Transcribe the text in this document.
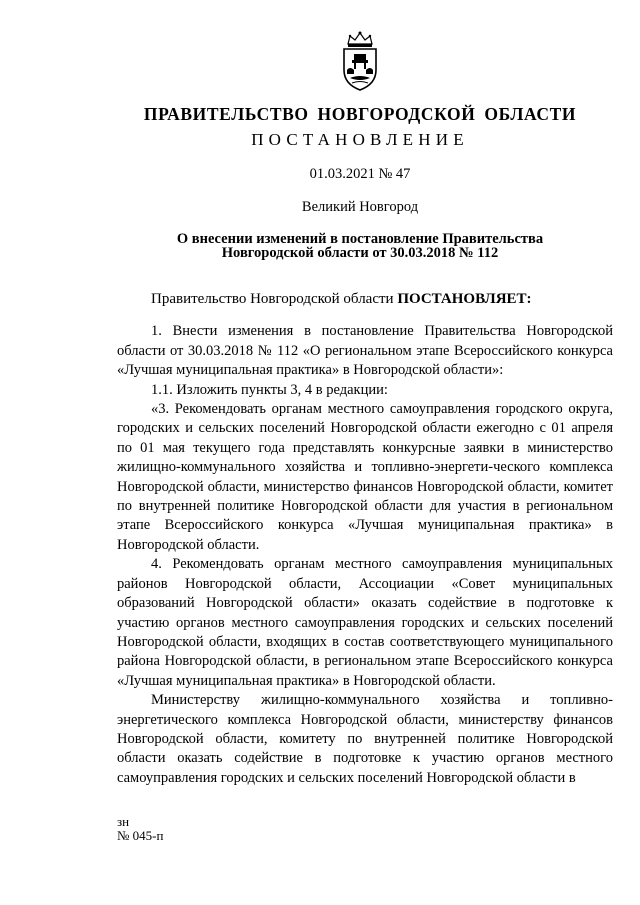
ПРАВИТЕЛЬСТВО НОВГОРОДСКОЙ ОБЛАСТИ
ПОСТАНОВЛЕНИЕ
01.03.2021 № 47
Великий Новгород
О внесении изменений в постановление Правительства
Новгородской области от 30.03.2018 № 112

Правительство Новгородской области ПОСТАНОВЛЯЕТ:

1. Внести изменения в постановление Правительства Новгородской области от 30.03.2018 № 112 «О региональном этапе Всероссийского конкурса «Лучшая муниципальная практика» в Новгородской области»:

1.1. Изложить пункты 3, 4 в редакции:

«3. Рекомендовать органам местного самоуправления городского округа, городских и сельских поселений Новгородской области ежегодно с 01 апреля по 01 мая текущего года представлять конкурсные заявки в министерство жилищно-коммунального хозяйства и топливно-энергети-ческого комплекса Новгородской области, министерство финансов Новгородской области, комитет по внутренней политике Новгородской области для участия в региональном этапе Всероссийского конкурса «Лучшая муниципальная практика» в Новгородской области.

4. Рекомендовать органам местного самоуправления муниципальных районов Новгородской области, Ассоциации «Совет муниципальных образований Новгородской области» оказать содействие в подготовке к участию органов местного самоуправления городских и сельских поселений Новгородской области, входящих в состав соответствующего муниципального района Новгородской области, в региональном этапе Всероссийского конкурса «Лучшая муниципальная практика» в Новгородской области.

Министерству жилищно-коммунального хозяйства и топливно-энергетического комплекса Новгородской области, министерству финансов Новгородской области, комитету по внутренней политике Новгородской области оказать содействие в подготовке к участию органов местного самоуправления городских и сельских поселений Новгородской области в

зн
№ 045-п
